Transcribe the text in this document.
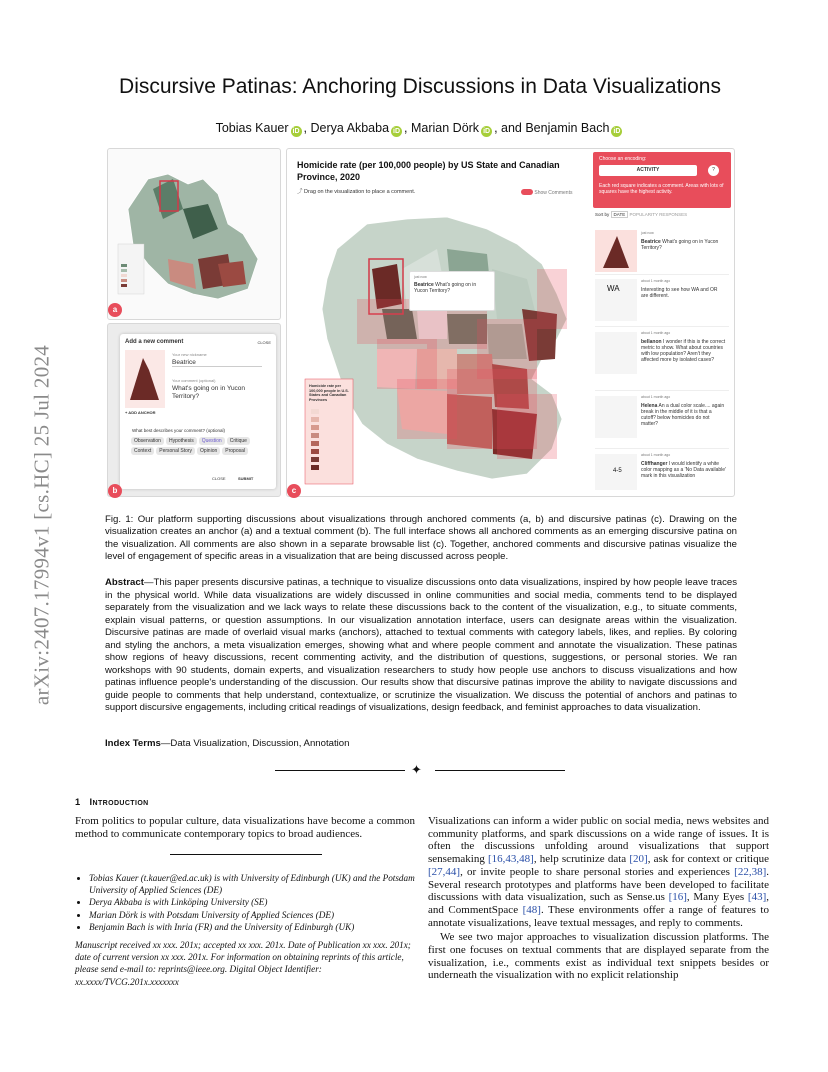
arXiv:2407.17994v1 [cs.HC] 25 Jul 2024
Discursive Patinas: Anchoring Discussions in Data Visualizations
Tobias Kauer iD , Derya Akbaba iD , Marian Dörk iD , and Benjamin Bach iD
a
Add a new comment	CLOSE
Your new nickname
Beatrice
Your comment (optional)
What's going on in Yucon Territory?
+ ADD ANCHOR
What best describes your comment? (optional)
Observation Hypothesis Question Critique
Context Personal Story Opinion Proposal
CLOSE	SUBMIT
b
Homicide rate (per 100,000 people) by US State and Canadian Province, 2020
⤴ Drag on the visualization to place a comment.	Show Comments
Choose an encoding:
ACTIVITY	?
Each red square indicates a comment. Areas with lots of squares have the highest activity.
Homicide rate per 100,000 people in U.S. States and Canadian Provinces
just now
Beatrice What's going on in Yucon Territory?
Sort by DATE POPULARITY RESPONSES
just now
Beatrice What's going on in Yucon Territory?
WA
about 1 month ago
Interesting to see how WA and OR are different.
about 1 month ago
bellanon I wonder if this is the correct metric to show. What about countries with low population? Aren't they affected more by isolated cases?
about 1 month ago
Helena An a dual color scale.... again break in the middle of it is that a cutoff? below homicides do not matter?
4-5
about 1 month ago
Cliffhanger I would identify a white color mapping as a 'No Data available' mark in this visualization
c
Fig. 1: Our platform supporting discussions about visualizations through anchored comments (a, b) and discursive patinas (c). Drawing on the visualization creates an anchor (a) and a textual comment (b). The full interface shows all anchored comments as an emerging discursive patina on the visualization. All comments are also shown in a separate browsable list (c). Together, anchored comments and discursive patinas visualize the level of engagement of specific areas in a visualization that are being discussed across people.
Abstract—This paper presents discursive patinas, a technique to visualize discussions onto data visualizations, inspired by how people leave traces in the physical world. While data visualizations are widely discussed in online communities and social media, comments tend to be displayed separately from the visualization and we lack ways to relate these discussions back to the content of the visualization, e.g., to situate comments, explain visual patterns, or question assumptions. In our visualization annotation interface, users can designate areas within the visualization. Discursive patinas are made of overlaid visual marks (anchors), attached to textual comments with category labels, likes, and replies. By coloring and styling the anchors, a meta visualization emerges, showing what and where people comment and annotate the visualization. These patinas show regions of heavy discussions, recent commenting activity, and the distribution of questions, suggestions, or personal stories. We ran workshops with 90 students, domain experts, and visualization researchers to study how people use anchors to discuss visualizations and how patinas influence people's understanding of the discussion. Our results show that discursive patinas improve the ability to navigate discussions and guide people to comments that help understand, contextualize, or scrutinize the visualization. We discuss the potential of anchors and patinas to support discursive engagements, including critical readings of visualizations, design feedback, and feminist approaches to data visualization.
Index Terms—Data Visualization, Discussion, Annotation
✦
1 Introduction
From politics to popular culture, data visualizations have become a common method to communicate contemporary topics to broad audiences.
• Tobias Kauer (t.kauer@ed.ac.uk) is with University of Edinburgh (UK) and the Potsdam University of Applied Sciences (DE)
• Derya Akbaba is with Linköping University (SE)
• Marian Dörk is with Potsdam University of Applied Sciences (DE)
• Benjamin Bach is with Inria (FR) and the University of Edinburgh (UK)
Manuscript received xx xxx. 201x; accepted xx xxx. 201x. Date of Publication xx xxx. 201x; date of current version xx xxx. 201x. For information on obtaining reprints of this article, please send e-mail to: reprints@ieee.org. Digital Object Identifier: xx.xxxx/TVCG.201x.xxxxxxx
Visualizations can inform a wider public on social media, news websites and community platforms, and spark discussions on a wide range of issues. It is often the discussions unfolding around visualizations that support sensemaking [16,43,48], help scrutinize data [20], ask for context or critique [27,44], or invite people to share personal stories and experiences [22,38]. Several research prototypes and platforms have been developed to facilitate discussions with data visualization, such as Sense.us [16], Many Eyes [43], and CommentSpace [48]. These environments offer a range of features to annotate visualizations, leave textual messages, and reply to comments.
We see two major approaches to visualization discussion platforms. The first one focuses on textual comments that are displayed separate from the visualization, i.e., comments exist as individual text snippets besides or underneath the visualization with no explicit relationship
